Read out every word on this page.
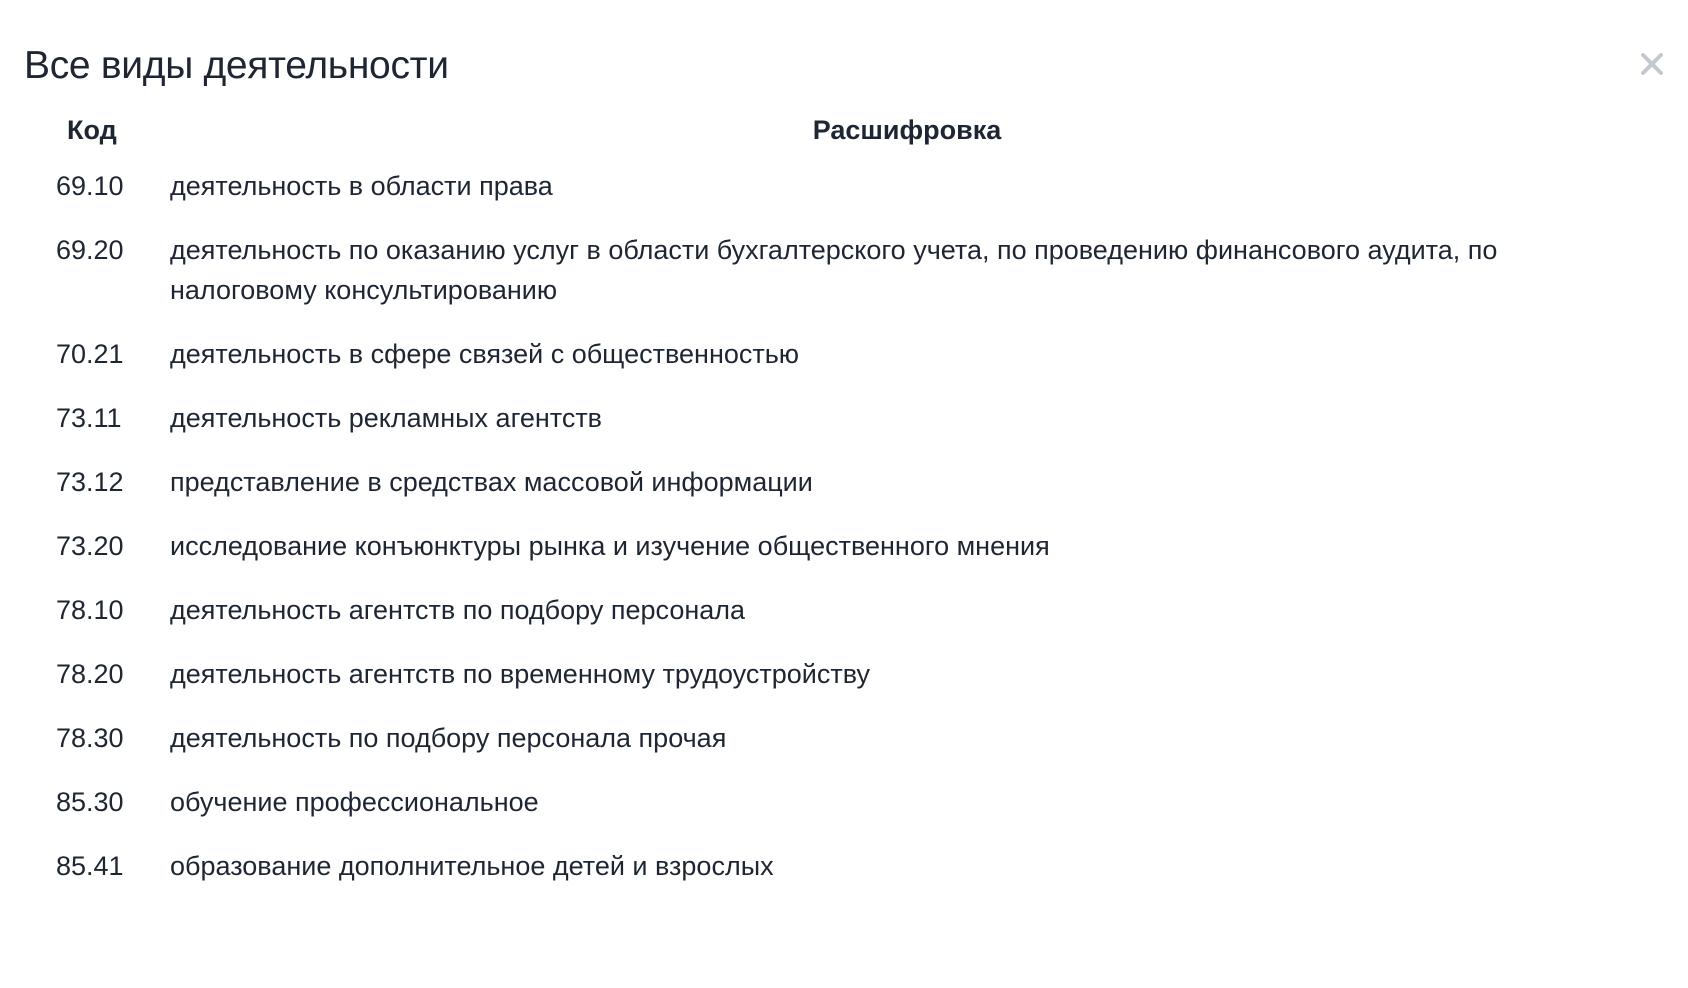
Все виды деятельности
Код	Расшифровка
69.10	деятельность в области права
69.20	деятельность по оказанию услуг в области бухгалтерского учета, по проведению финансового аудита, по налоговому консультированию
70.21	деятельность в сфере связей с общественностью
73.11	деятельность рекламных агентств
73.12	представление в средствах массовой информации
73.20	исследование конъюнктуры рынка и изучение общественного мнения
78.10	деятельность агентств по подбору персонала
78.20	деятельность агентств по временному трудоустройству
78.30	деятельность по подбору персонала прочая
85.30	обучение профессиональное
85.41	образование дополнительное детей и взрослых
